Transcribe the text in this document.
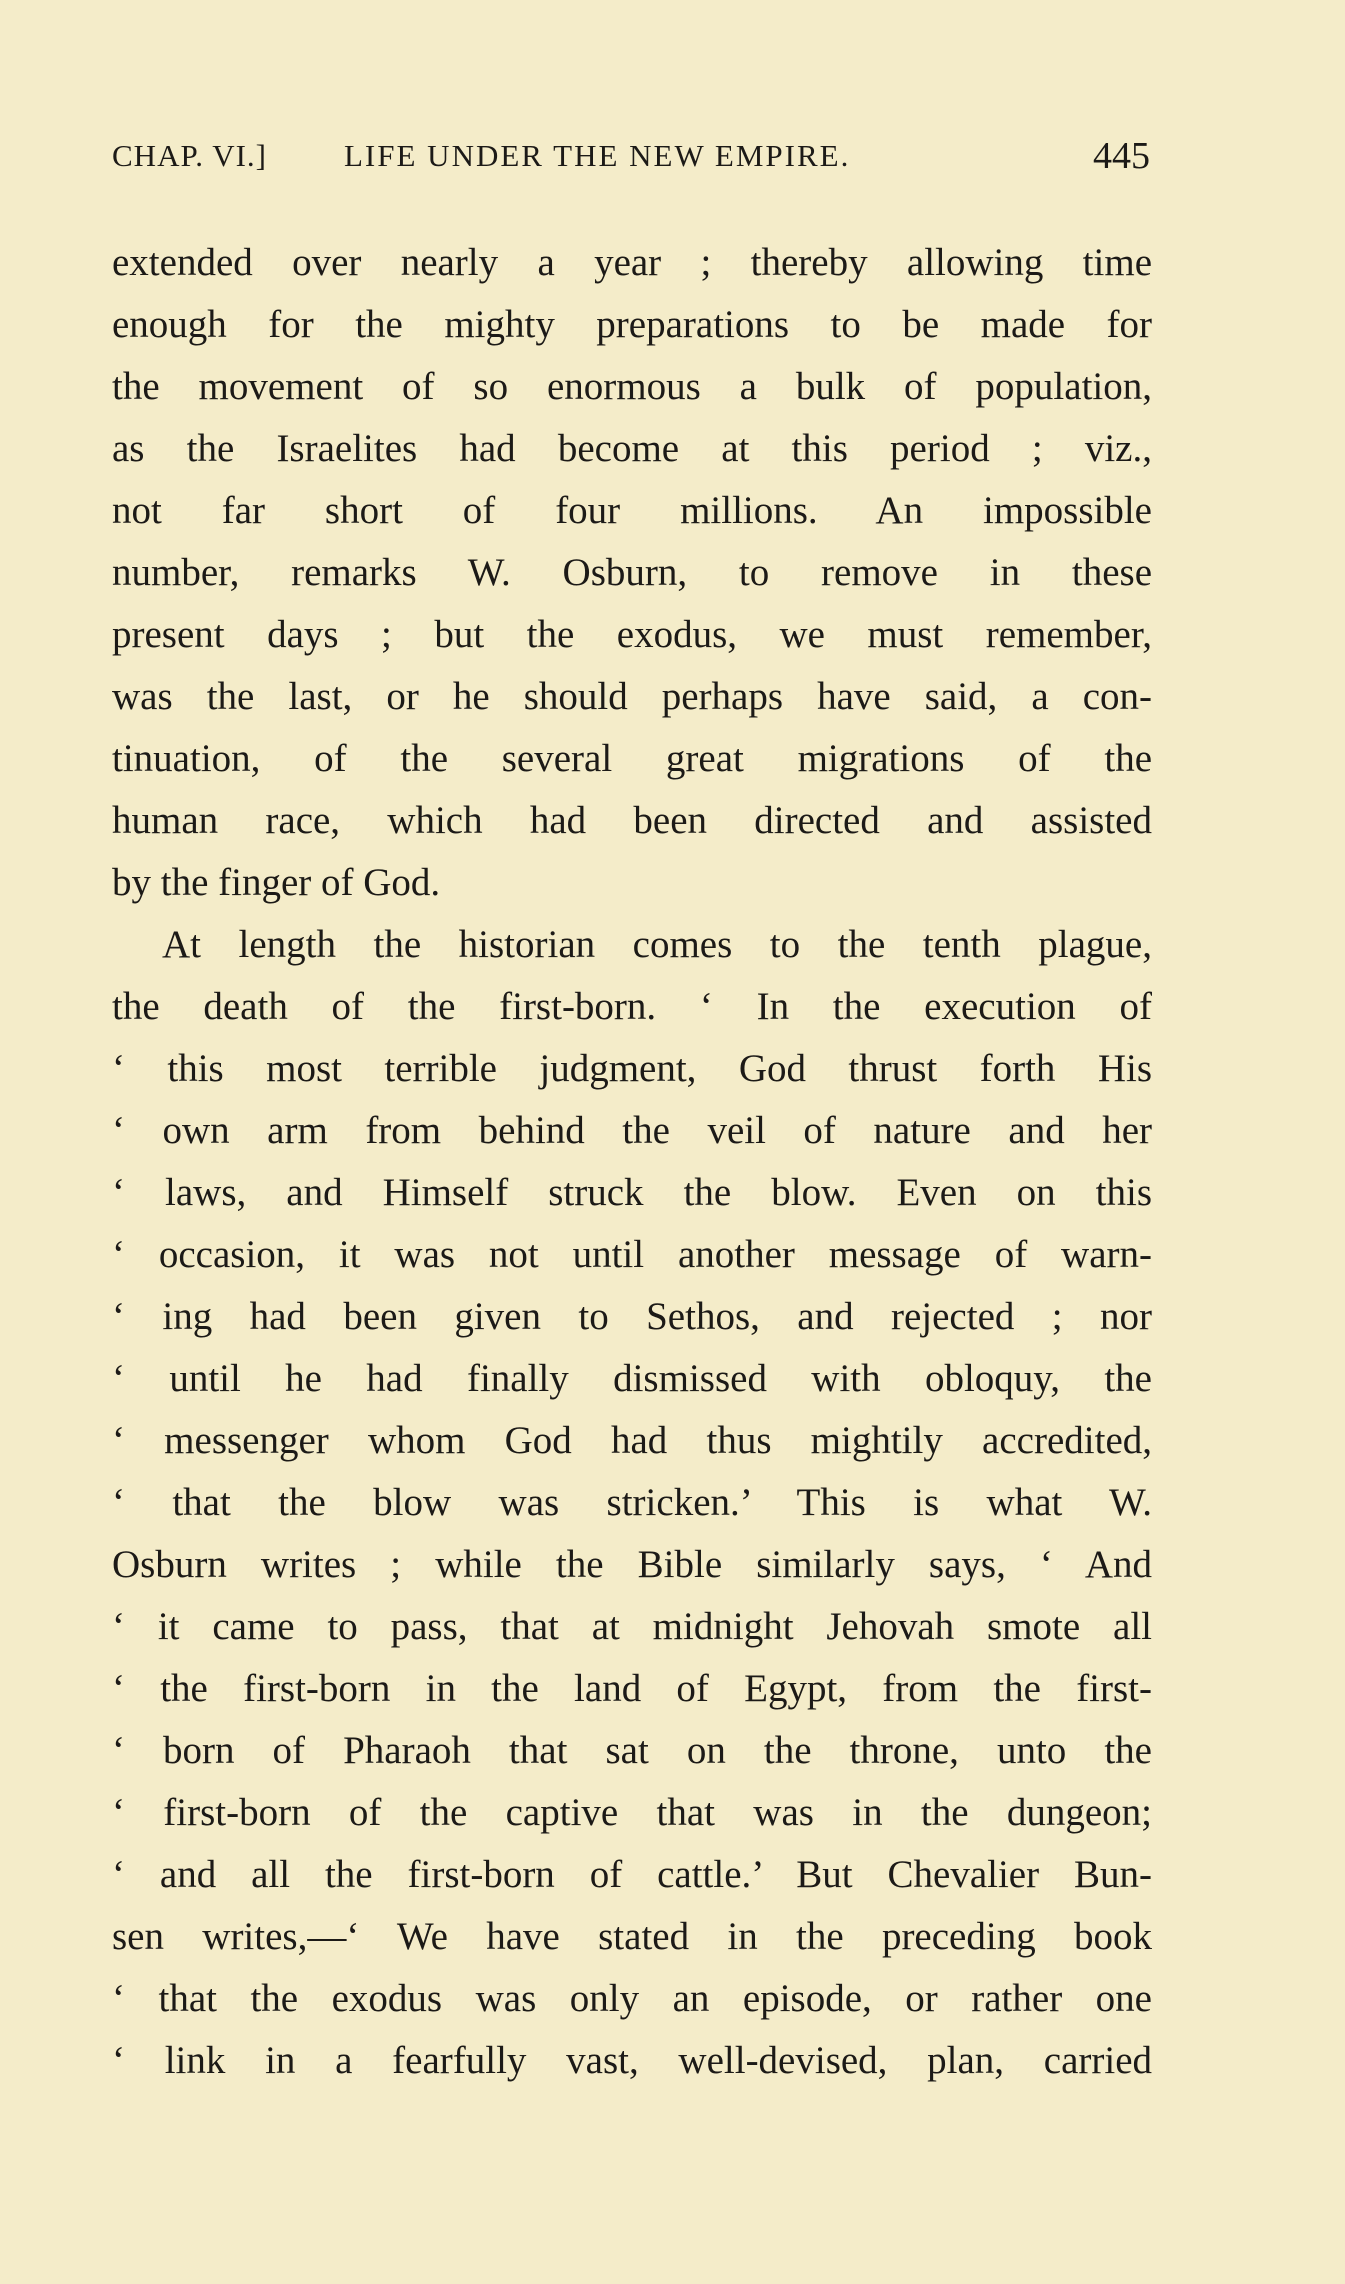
CHAP. VI.] LIFE UNDER THE NEW EMPIRE.	445
extended over nearly a year ; thereby allowing time
enough for the mighty preparations to be made for
the movement of so enormous a bulk of population,
as the Israelites had become at this period ; viz.,
not far short of four millions. An impossible
number, remarks W. Osburn, to remove in these
present days ; but the exodus, we must remember,
was the last, or he should perhaps have said, a con-
tinuation, of the several great migrations of the
human race, which had been directed and assisted
by the finger of God.
At length the historian comes to the tenth plague,
the death of the first-born. ‘ In the execution of
‘ this most terrible judgment, God thrust forth His
‘ own arm from behind the veil of nature and her
‘ laws, and Himself struck the blow. Even on this
‘ occasion, it was not until another message of warn-
‘ ing had been given to Sethos, and rejected ; nor
‘ until he had finally dismissed with obloquy, the
‘ messenger whom God had thus mightily accredited,
‘ that the blow was stricken.’ This is what W.
Osburn writes ; while the Bible similarly says, ‘ And
‘ it came to pass, that at midnight Jehovah smote all
‘ the first-born in the land of Egypt, from the first-
‘ born of Pharaoh that sat on the throne, unto the
‘ first-born of the captive that was in the dungeon;
‘ and all the first-born of cattle.’ But Chevalier Bun-
sen writes,—‘ We have stated in the preceding book
‘ that the exodus was only an episode, or rather one
‘ link in a fearfully vast, well-devised, plan, carried
